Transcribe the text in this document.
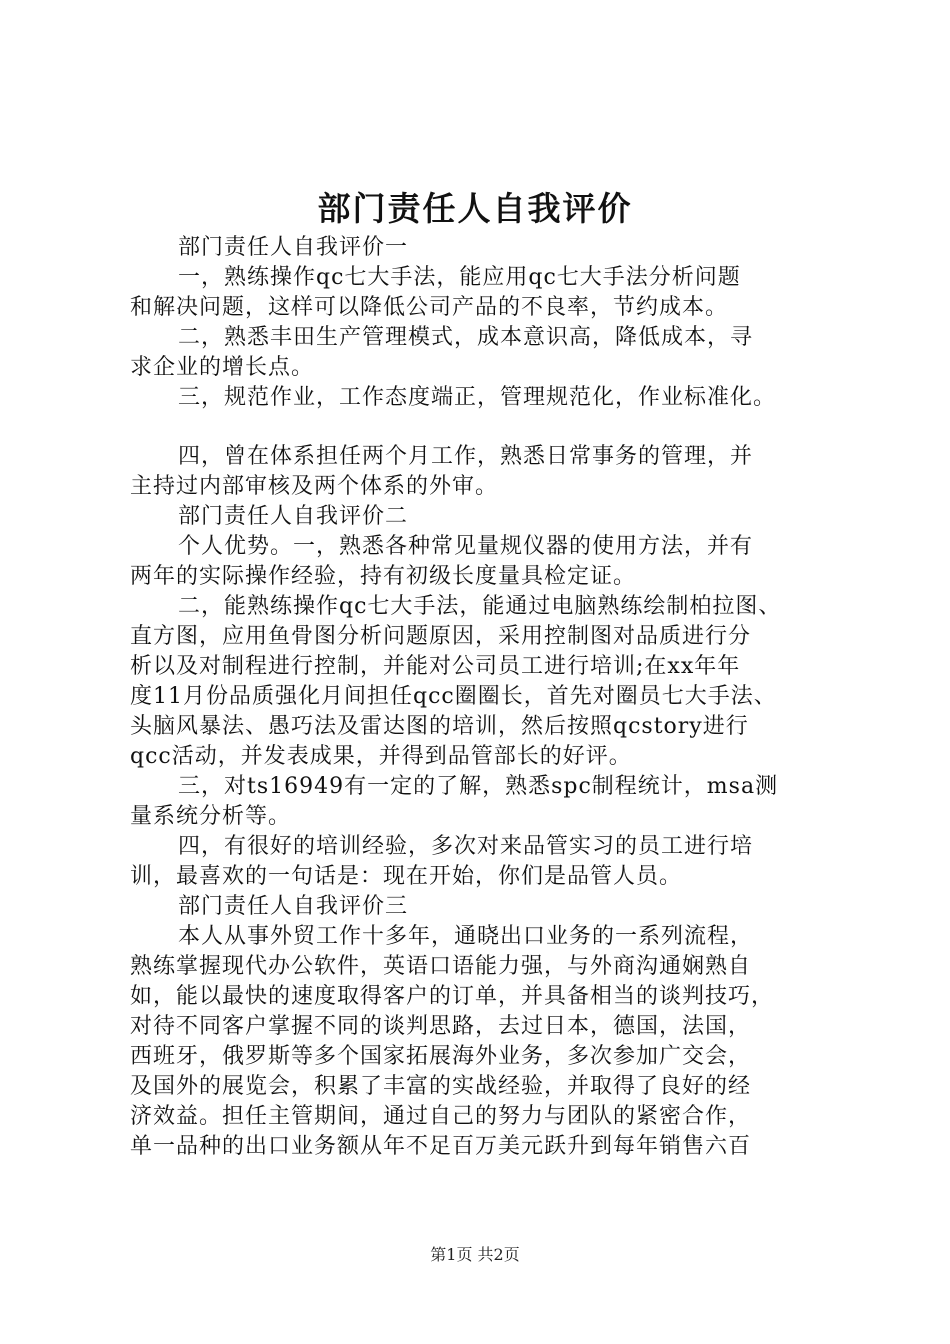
部门责任人自我评价
部门责任人自我评价一
一，熟练操作qc七大手法，能应用qc七大手法分析问题
和解决问题，这样可以降低公司产品的不良率，节约成本。
二，熟悉丰田生产管理模式，成本意识高，降低成本，寻
求企业的增长点。
三，规范作业，工作态度端正，管理规范化，作业标准化。
四，曾在体系担任两个月工作，熟悉日常事务的管理，并
主持过内部审核及两个体系的外审。
部门责任人自我评价二
个人优势。一，熟悉各种常见量规仪器的使用方法，并有
两年的实际操作经验，持有初级长度量具检定证。
二，能熟练操作qc七大手法，能通过电脑熟练绘制柏拉图、
直方图，应用鱼骨图分析问题原因，采用控制图对品质进行分
析以及对制程进行控制，并能对公司员工进行培训;在xx年年
度11月份品质强化月间担任qcc圈圈长，首先对圈员七大手法、
头脑风暴法、愚巧法及雷达图的培训，然后按照qcstory进行
qcc活动，并发表成果，并得到品管部长的好评。
三，对ts16949有一定的了解，熟悉spc制程统计，msa测
量系统分析等。
四，有很好的培训经验，多次对来品管实习的员工进行培
训，最喜欢的一句话是：现在开始，你们是品管人员。
部门责任人自我评价三
本人从事外贸工作十多年，通晓出口业务的一系列流程，
熟练掌握现代办公软件，英语口语能力强，与外商沟通娴熟自
如，能以最快的速度取得客户的订单，并具备相当的谈判技巧，
对待不同客户掌握不同的谈判思路，去过日本，德国，法国，
西班牙，俄罗斯等多个国家拓展海外业务，多次参加广交会，
及国外的展览会，积累了丰富的实战经验，并取得了良好的经
济效益。担任主管期间，通过自己的努力与团队的紧密合作，
单一品种的出口业务额从年不足百万美元跃升到每年销售六百
第1页 共2页
